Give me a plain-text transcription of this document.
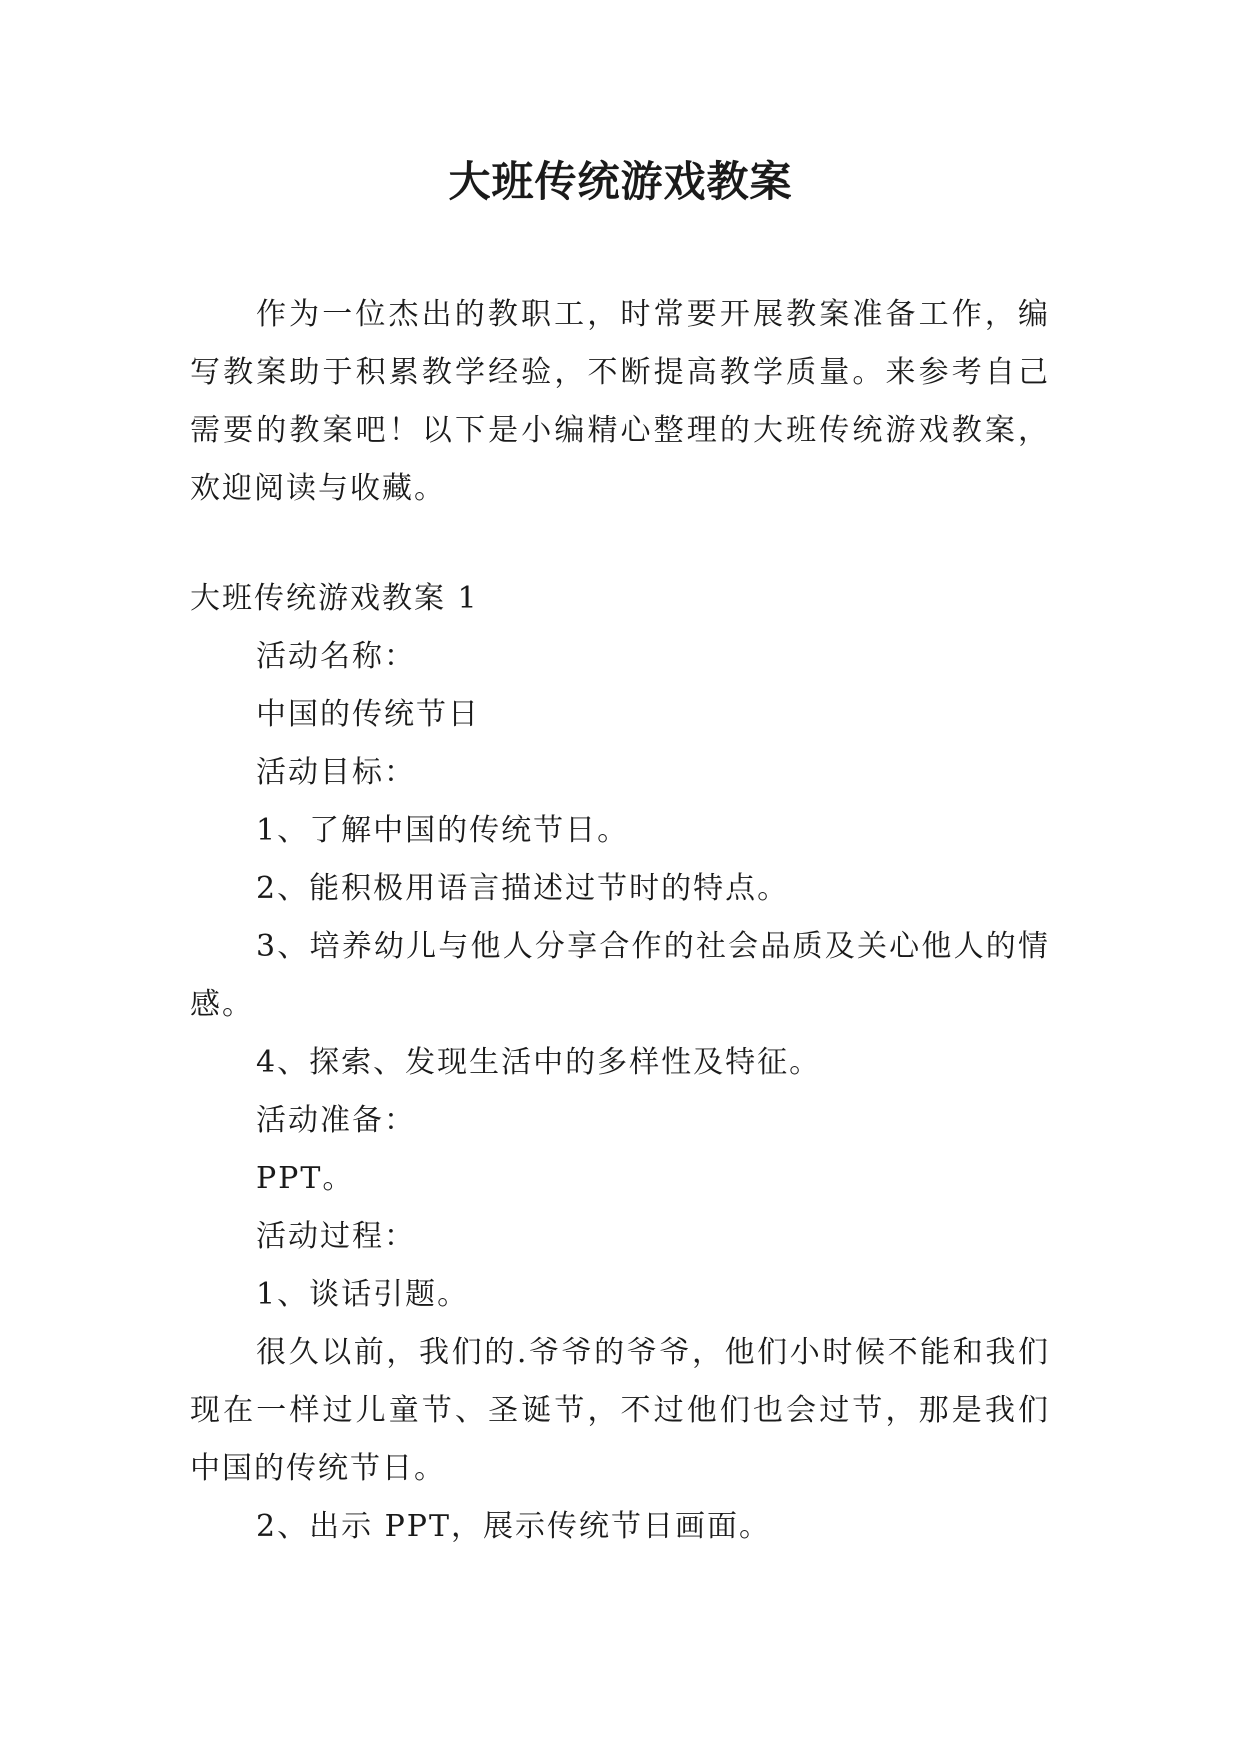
大班传统游戏教案

作为一位杰出的教职工，时常要开展教案准备工作，编写教案助于积累教学经验，不断提高教学质量。来参考自己需要的教案吧！以下是小编精心整理的大班传统游戏教案，欢迎阅读与收藏。

大班传统游戏教案 1

活动名称：

中国的传统节日

活动目标：

1、了解中国的传统节日。

2、能积极用语言描述过节时的特点。

3、培养幼儿与他人分享合作的社会品质及关心他人的情感。

4、探索、发现生活中的多样性及特征。

活动准备：

PPT。

活动过程：

1、谈话引题。

很久以前，我们的.爷爷的爷爷，他们小时候不能和我们现在一样过儿童节、圣诞节，不过他们也会过节，那是我们中国的传统节日。

2、出示 PPT，展示传统节日画面。
